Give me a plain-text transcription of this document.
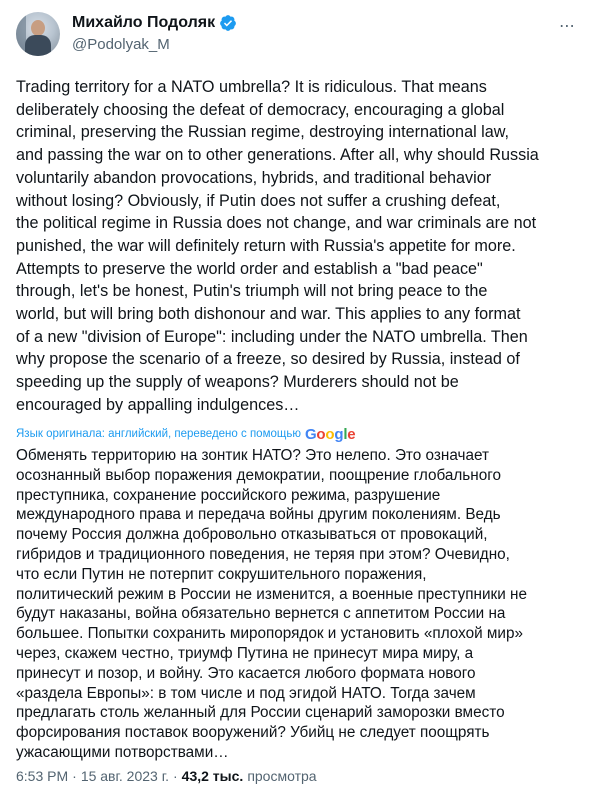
Михайло Подоляк
@Podolyak_M
⋯

Trading territory for a NATO umbrella? It is ridiculous. That means
deliberately choosing the defeat of democracy, encouraging a global
criminal, preserving the Russian regime, destroying international law,
and passing the war on to other generations. After all, why should Russia
voluntarily abandon provocations, hybrids, and traditional behavior
without losing? Obviously, if Putin does not suffer a crushing defeat,
the political regime in Russia does not change, and war criminals are not
punished, the war will definitely return with Russia's appetite for more.
Attempts to preserve the world order and establish a "bad peace"
through, let's be honest, Putin's triumph will not bring peace to the
world, but will bring both dishonour and war. This applies to any format
of a new "division of Europe": including under the NATO umbrella. Then
why propose the scenario of a freeze, so desired by Russia, instead of
speeding up the supply of weapons? Murderers should not be
encouraged by appalling indulgences…

Язык оригинала: английский, переведено с помощью Google

Обменять территорию на зонтик НАТО? Это нелепо. Это означает
осознанный выбор поражения демократии, поощрение глобального
преступника, сохранение российского режима, разрушение
международного права и передача войны другим поколениям. Ведь
почему Россия должна добровольно отказываться от провокаций,
гибридов и традиционного поведения, не теряя при этом? Очевидно,
что если Путин не потерпит сокрушительного поражения,
политический режим в России не изменится, а военные преступники не
будут наказаны, война обязательно вернется с аппетитом России на
большее. Попытки сохранить миропорядок и установить «плохой мир»
через, скажем честно, триумф Путина не принесут мира миру, а
принесут и позор, и войну. Это касается любого формата нового
«раздела Европы»: в том числе и под эгидой НАТО. Тогда зачем
предлагать столь желанный для России сценарий заморозки вместо
форсирования поставок вооружений? Убийц не следует поощрять
ужасающими потворствами…

6:53 PM · 15 авг. 2023 г. · 43,2 тыс. просмотра
